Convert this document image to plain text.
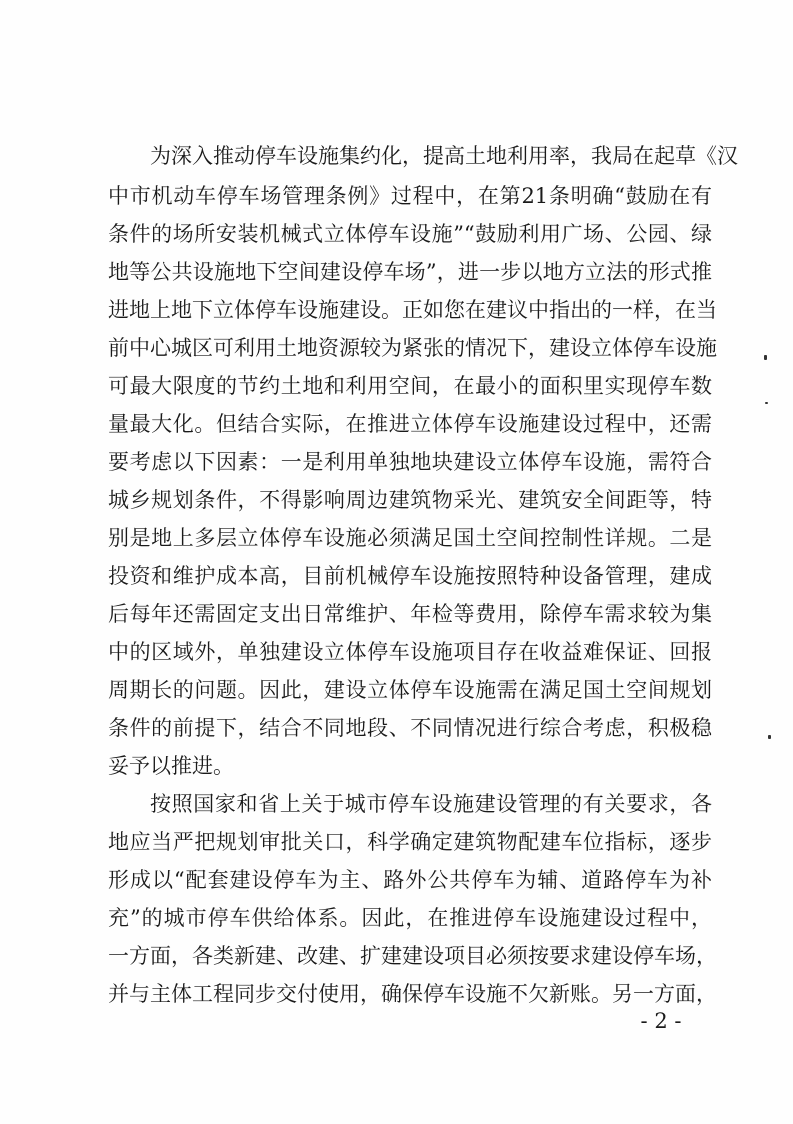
为深入推动停车设施集约化，提高土地利用率，我局在起草《汉
中市机动车停车场管理条例》过程中，在第21条明确“鼓励在有
条件的场所安装机械式立体停车设施”“鼓励利用广场、公园、绿
地等公共设施地下空间建设停车场”，进一步以地方立法的形式推
进地上地下立体停车设施建设。正如您在建议中指出的一样，在当
前中心城区可利用土地资源较为紧张的情况下，建设立体停车设施
可最大限度的节约土地和利用空间，在最小的面积里实现停车数
量最大化。但结合实际，在推进立体停车设施建设过程中，还需
要考虑以下因素：一是利用单独地块建设立体停车设施，需符合
城乡规划条件，不得影响周边建筑物采光、建筑安全间距等，特
别是地上多层立体停车设施必须满足国土空间控制性详规。二是
投资和维护成本高，目前机械停车设施按照特种设备管理，建成
后每年还需固定支出日常维护、年检等费用，除停车需求较为集
中的区域外，单独建设立体停车设施项目存在收益难保证、回报
周期长的问题。因此，建设立体停车设施需在满足国土空间规划
条件的前提下，结合不同地段、不同情况进行综合考虑，积极稳
妥予以推进。
按照国家和省上关于城市停车设施建设管理的有关要求，各
地应当严把规划审批关口，科学确定建筑物配建车位指标，逐步
形成以“配套建设停车为主、路外公共停车为辅、道路停车为补
充”的城市停车供给体系。因此，在推进停车设施建设过程中，
一方面，各类新建、改建、扩建建设项目必须按要求建设停车场，
并与主体工程同步交付使用，确保停车设施不欠新账。另一方面，
- 2 -
